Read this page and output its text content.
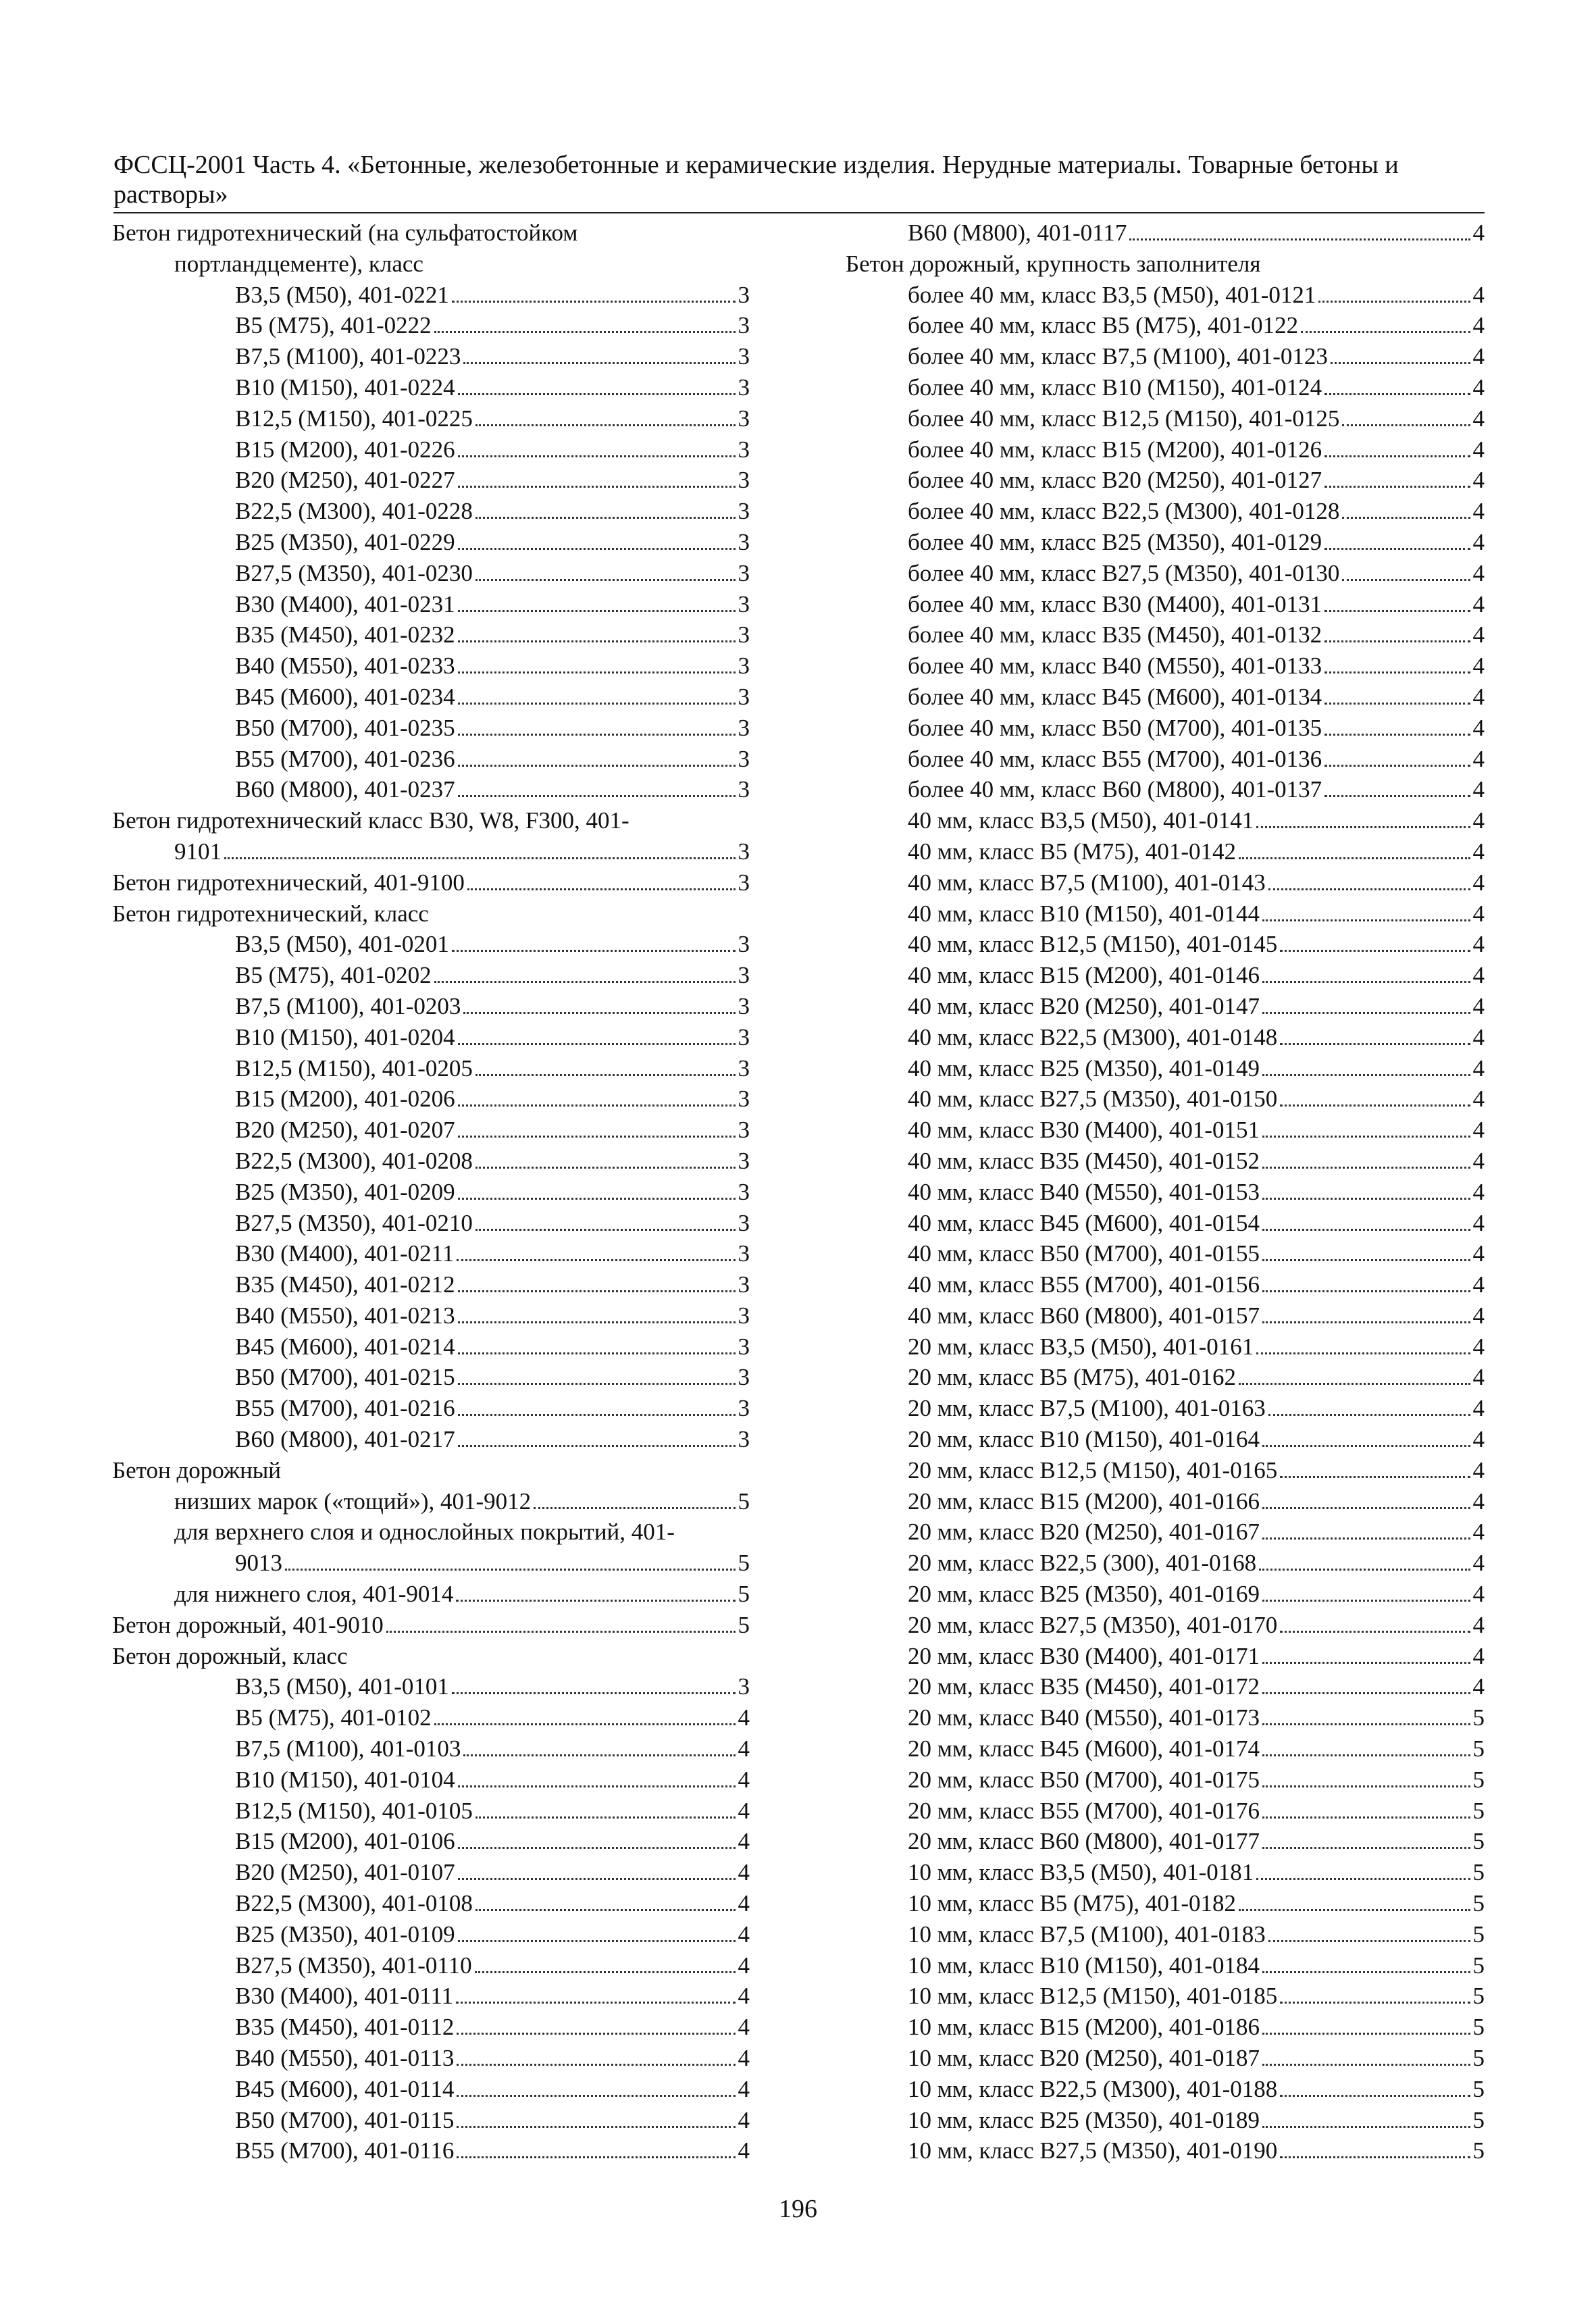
ФССЦ-2001 Часть 4. «Бетонные, железобетонные и керамические изделия. Нерудные материалы. Товарные бетоны и растворы»
Бетон гидротехнический (на сульфатостойком
портландцементе), класс
B3,5 (M50), 401-0221	3
B5 (M75), 401-0222	3
B7,5 (M100), 401-0223	3
B10 (M150), 401-0224	3
B12,5 (M150), 401-0225	3
B15 (M200), 401-0226	3
B20 (M250), 401-0227	3
B22,5 (M300), 401-0228	3
B25 (M350), 401-0229	3
B27,5 (M350), 401-0230	3
B30 (M400), 401-0231	3
B35 (M450), 401-0232	3
B40 (M550), 401-0233	3
B45 (M600), 401-0234	3
B50 (M700), 401-0235	3
B55 (M700), 401-0236	3
B60 (M800), 401-0237	3
Бетон гидротехнический класс B30, W8, F300, 401-
9101	3
Бетон гидротехнический, 401-9100	3
Бетон гидротехнический, класс
B3,5 (M50), 401-0201	3
B5 (M75), 401-0202	3
B7,5 (M100), 401-0203	3
B10 (M150), 401-0204	3
B12,5 (M150), 401-0205	3
B15 (M200), 401-0206	3
B20 (M250), 401-0207	3
B22,5 (M300), 401-0208	3
B25 (M350), 401-0209	3
B27,5 (M350), 401-0210	3
B30 (M400), 401-0211	3
B35 (M450), 401-0212	3
B40 (M550), 401-0213	3
B45 (M600), 401-0214	3
B50 (M700), 401-0215	3
B55 (M700), 401-0216	3
B60 (M800), 401-0217	3
Бетон дорожный
низших марок («тощий»), 401-9012	5
для верхнего слоя и однослойных покрытий, 401-
9013	5
для нижнего слоя, 401-9014	5
Бетон дорожный, 401-9010	5
Бетон дорожный, класс
B3,5 (M50), 401-0101	3
B5 (M75), 401-0102	4
B7,5 (M100), 401-0103	4
B10 (M150), 401-0104	4
B12,5 (M150), 401-0105	4
B15 (M200), 401-0106	4
B20 (M250), 401-0107	4
B22,5 (M300), 401-0108	4
B25 (M350), 401-0109	4
B27,5 (M350), 401-0110	4
B30 (M400), 401-0111	4
B35 (M450), 401-0112	4
B40 (M550), 401-0113	4
B45 (M600), 401-0114	4
B50 (M700), 401-0115	4
B55 (M700), 401-0116	4
B60 (M800), 401-0117	4
Бетон дорожный, крупность заполнителя
более 40 мм, класс B3,5 (M50), 401-0121	4
более 40 мм, класс B5 (M75), 401-0122	4
более 40 мм, класс B7,5 (M100), 401-0123	4
более 40 мм, класс B10 (M150), 401-0124	4
более 40 мм, класс B12,5 (M150), 401-0125	4
более 40 мм, класс B15 (M200), 401-0126	4
более 40 мм, класс B20 (M250), 401-0127	4
более 40 мм, класс B22,5 (M300), 401-0128	4
более 40 мм, класс B25 (M350), 401-0129	4
более 40 мм, класс B27,5 (M350), 401-0130	4
более 40 мм, класс B30 (M400), 401-0131	4
более 40 мм, класс B35 (M450), 401-0132	4
более 40 мм, класс B40 (M550), 401-0133	4
более 40 мм, класс B45 (M600), 401-0134	4
более 40 мм, класс B50 (M700), 401-0135	4
более 40 мм, класс B55 (M700), 401-0136	4
более 40 мм, класс B60 (M800), 401-0137	4
40 мм, класс B3,5 (M50), 401-0141	4
40 мм, класс B5 (M75), 401-0142	4
40 мм, класс B7,5 (M100), 401-0143	4
40 мм, класс B10 (M150), 401-0144	4
40 мм, класс B12,5 (M150), 401-0145	4
40 мм, класс B15 (M200), 401-0146	4
40 мм, класс B20 (M250), 401-0147	4
40 мм, класс B22,5 (M300), 401-0148	4
40 мм, класс B25 (M350), 401-0149	4
40 мм, класс B27,5 (M350), 401-0150	4
40 мм, класс B30 (M400), 401-0151	4
40 мм, класс B35 (M450), 401-0152	4
40 мм, класс B40 (M550), 401-0153	4
40 мм, класс B45 (M600), 401-0154	4
40 мм, класс B50 (M700), 401-0155	4
40 мм, класс B55 (M700), 401-0156	4
40 мм, класс B60 (M800), 401-0157	4
20 мм, класс B3,5 (M50), 401-0161	4
20 мм, класс B5 (M75), 401-0162	4
20 мм, класс B7,5 (M100), 401-0163	4
20 мм, класс B10 (M150), 401-0164	4
20 мм, класс B12,5 (M150), 401-0165	4
20 мм, класс B15 (M200), 401-0166	4
20 мм, класс B20 (M250), 401-0167	4
20 мм, класс B22,5 (300), 401-0168	4
20 мм, класс B25 (M350), 401-0169	4
20 мм, класс B27,5 (M350), 401-0170	4
20 мм, класс B30 (M400), 401-0171	4
20 мм, класс B35 (M450), 401-0172	4
20 мм, класс B40 (M550), 401-0173	5
20 мм, класс B45 (M600), 401-0174	5
20 мм, класс B50 (M700), 401-0175	5
20 мм, класс B55 (M700), 401-0176	5
20 мм, класс B60 (M800), 401-0177	5
10 мм, класс B3,5 (M50), 401-0181	5
10 мм, класс B5 (M75), 401-0182	5
10 мм, класс B7,5 (M100), 401-0183	5
10 мм, класс B10 (M150), 401-0184	5
10 мм, класс B12,5 (M150), 401-0185	5
10 мм, класс B15 (M200), 401-0186	5
10 мм, класс B20 (M250), 401-0187	5
10 мм, класс B22,5 (M300), 401-0188	5
10 мм, класс B25 (M350), 401-0189	5
10 мм, класс B27,5 (M350), 401-0190	5
196
